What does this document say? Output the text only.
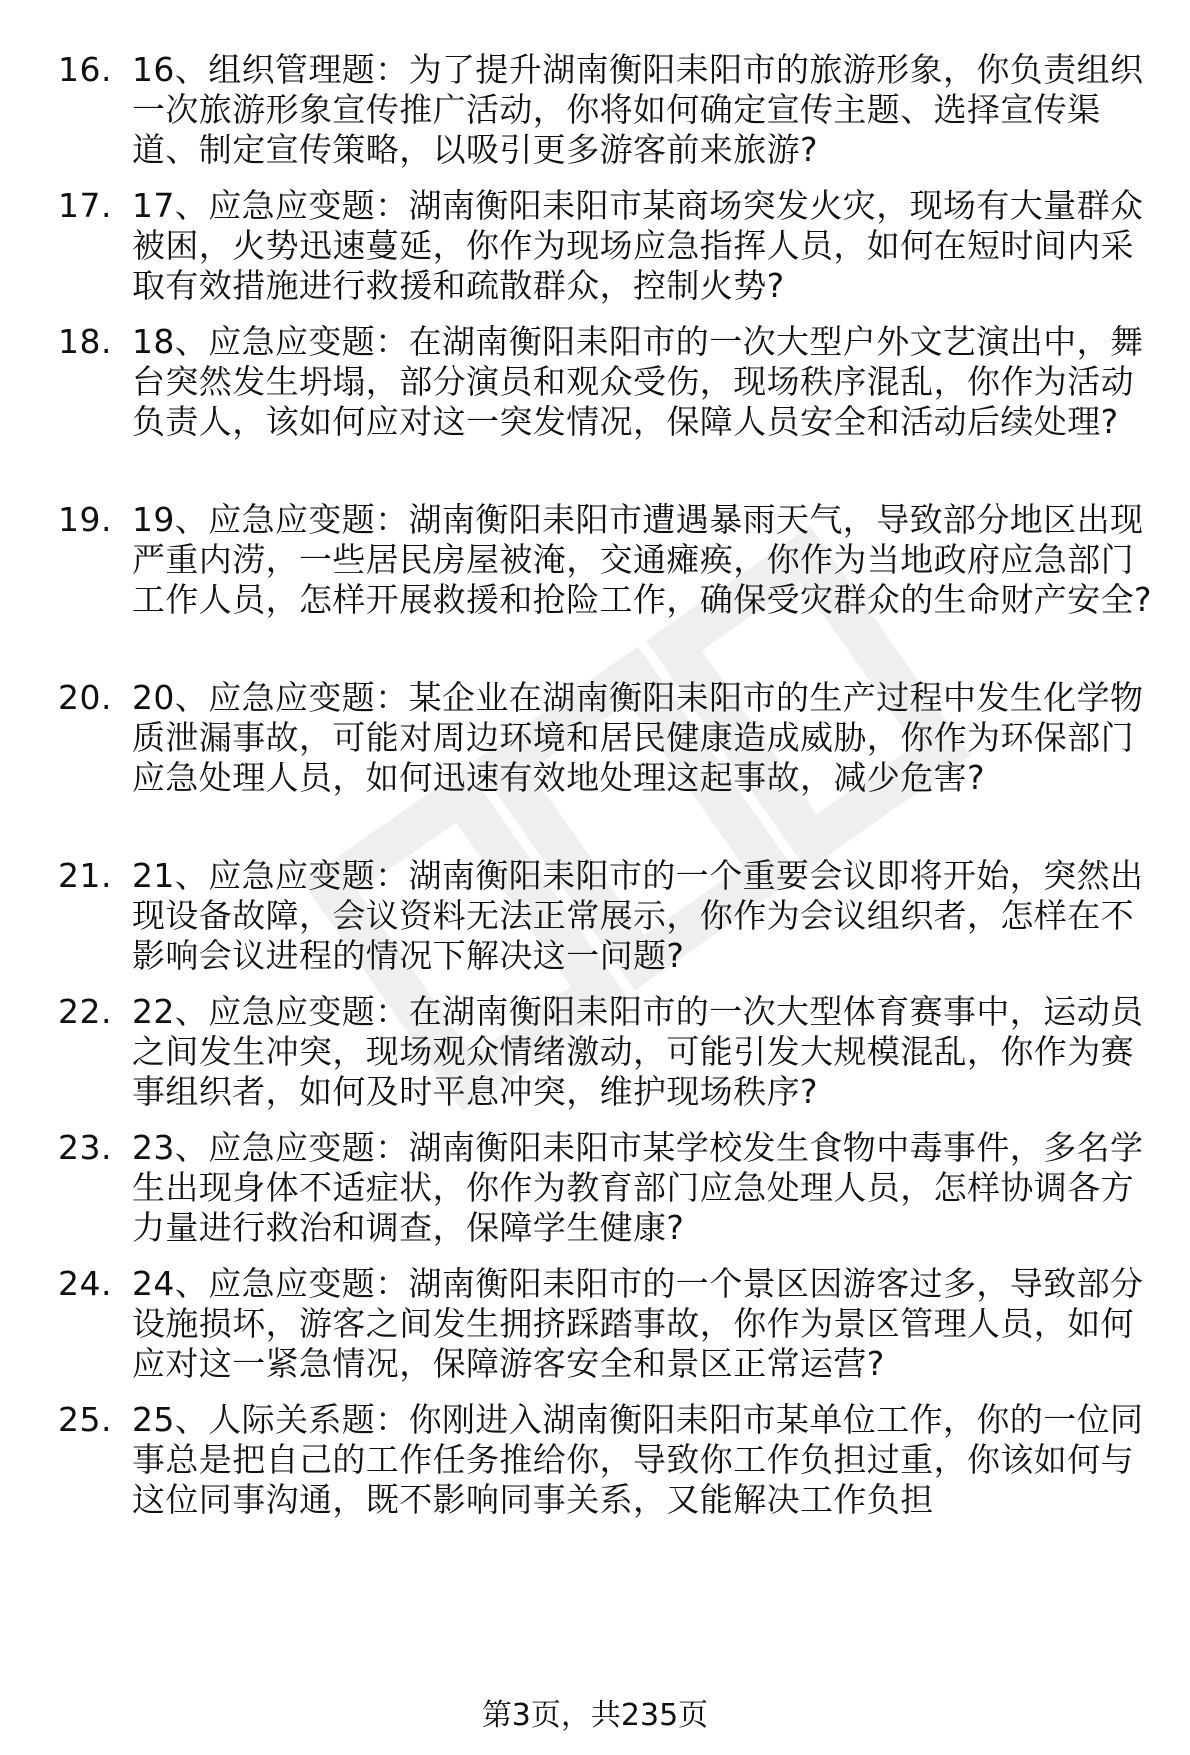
16. 16、组织管理题：为了提升湖南衡阳耒阳市的旅游形象，你负责组织一次旅游形象宣传推广活动，你将如何确定宣传主题、选择宣传渠道、制定宣传策略，以吸引更多游客前来旅游?
17. 17、应急应变题：湖南衡阳耒阳市某商场突发火灾，现场有大量群众被困，火势迅速蔓延，你作为现场应急指挥人员，如何在短时间内采取有效措施进行救援和疏散群众，控制火势?
18. 18、应急应变题：在湖南衡阳耒阳市的一次大型户外文艺演出中，舞台突然发生坍塌，部分演员和观众受伤，现场秩序混乱，你作为活动负责人，该如何应对这一突发情况，保障人员安全和活动后续处理?
19. 19、应急应变题：湖南衡阳耒阳市遭遇暴雨天气，导致部分地区出现严重内涝，一些居民房屋被淹，交通瘫痪，你作为当地政府应急部门工作人员，怎样开展救援和抢险工作，确保受灾群众的生命财产安全?
20. 20、应急应变题：某企业在湖南衡阳耒阳市的生产过程中发生化学物质泄漏事故，可能对周边环境和居民健康造成威胁，你作为环保部门应急处理人员，如何迅速有效地处理这起事故，减少危害?
21. 21、应急应变题：湖南衡阳耒阳市的一个重要会议即将开始，突然出现设备故障，会议资料无法正常展示，你作为会议组织者，怎样在不影响会议进程的情况下解决这一问题?
22. 22、应急应变题：在湖南衡阳耒阳市的一次大型体育赛事中，运动员之间发生冲突，现场观众情绪激动，可能引发大规模混乱，你作为赛事组织者，如何及时平息冲突，维护现场秩序?
23. 23、应急应变题：湖南衡阳耒阳市某学校发生食物中毒事件，多名学生出现身体不适症状，你作为教育部门应急处理人员，怎样协调各方力量进行救治和调查，保障学生健康?
24. 24、应急应变题：湖南衡阳耒阳市的一个景区因游客过多，导致部分设施损坏，游客之间发生拥挤踩踏事故，你作为景区管理人员，如何应对这一紧急情况，保障游客安全和景区正常运营?
25. 25、人际关系题：你刚进入湖南衡阳耒阳市某单位工作，你的一位同事总是把自己的工作任务推给你，导致你工作负担过重，你该如何与这位同事沟通，既不影响同事关系，又能解决工作负担
第3页，共235页
